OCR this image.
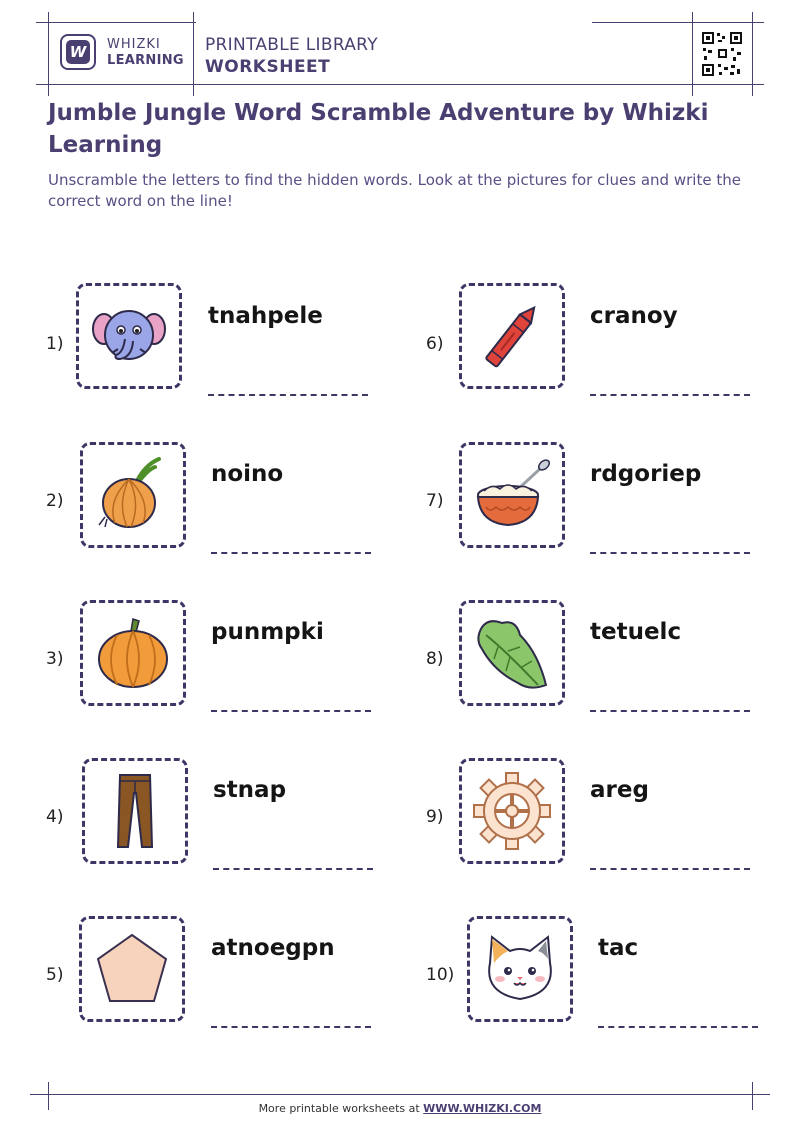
W WHIZKI
LEARNING
PRINTABLE LIBRARY
WORKSHEET
Jumble Jungle Word Scramble Adventure by Whizki Learning
Unscramble the letters to find the hidden words. Look at the pictures for clues and write the correct word on the line!
1)
tnahpele
2)
noino
3)
punmpki
4)
stnap
5)
atnoegpn
6)
cranoy
7)
rdgoriep
8)
tetuelc
9)
areg
10)
tac
More printable worksheets at WWW.WHIZKI.COM
